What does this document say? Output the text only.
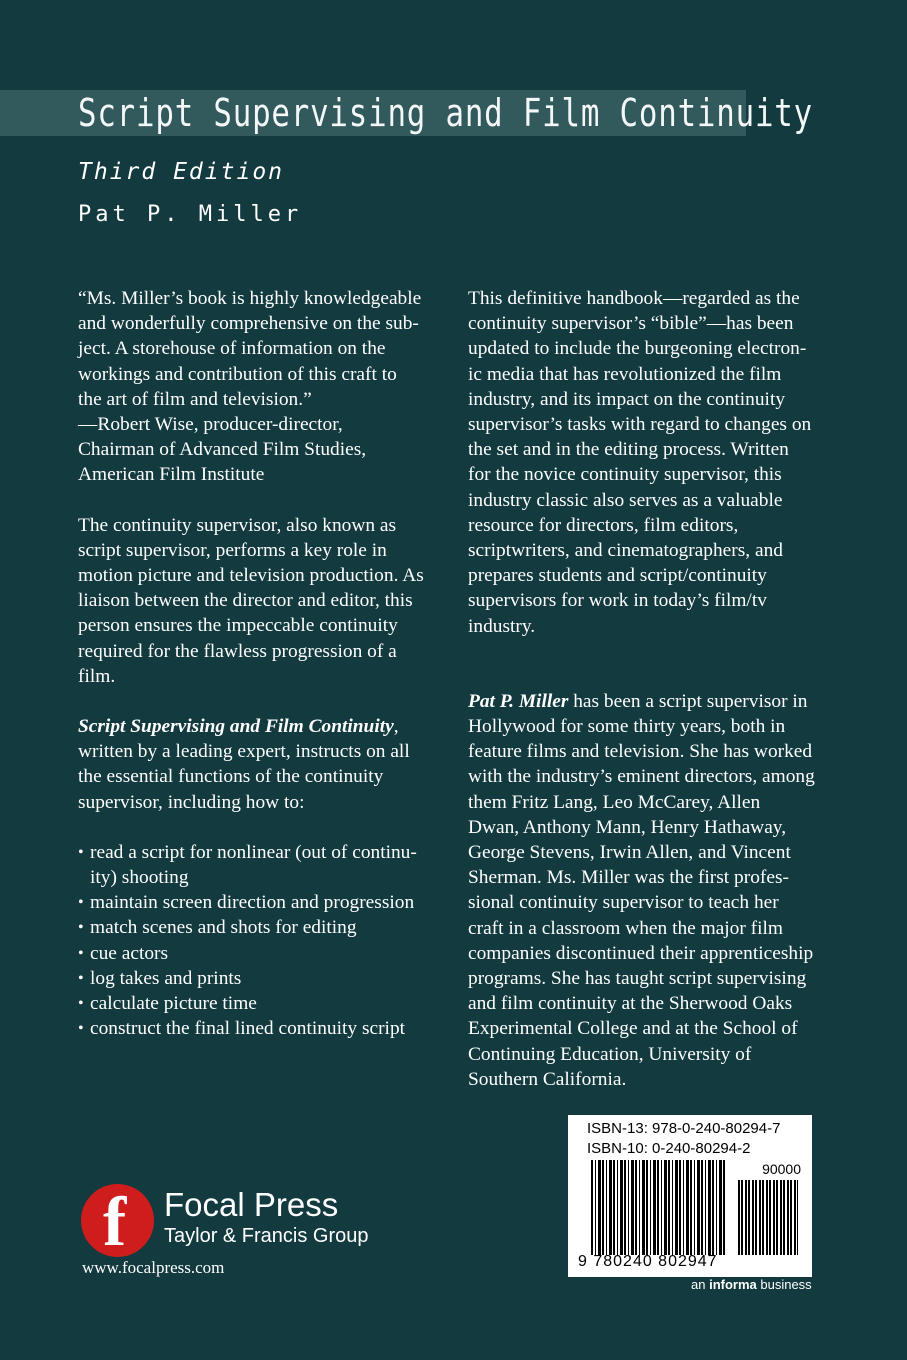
Script Supervising and Film Continuity
Third Edition
Pat P. Miller
“Ms. Miller’s book is highly knowledgeable
and wonderfully comprehensive on the sub-
ject. A storehouse of information on the
workings and contribution of this craft to
the art of film and television.”
—Robert Wise, producer-director,
Chairman of Advanced Film Studies,
American Film Institute
The continuity supervisor, also known as
script supervisor, performs a key role in
motion picture and television production. As
liaison between the director and editor, this
person ensures the impeccable continuity
required for the flawless progression of a
film.
Script Supervising and Film Continuity,
written by a leading expert, instructs on all
the essential functions of the continuity
supervisor, including how to:
• read a script for nonlinear (out of continu-
ity) shooting
• maintain screen direction and progression
• match scenes and shots for editing
• cue actors
• log takes and prints
• calculate picture time
• construct the final lined continuity script
This definitive handbook—regarded as the
continuity supervisor’s “bible”—has been
updated to include the burgeoning electron-
ic media that has revolutionized the film
industry, and its impact on the continuity
supervisor’s tasks with regard to changes on
the set and in the editing process. Written
for the novice continuity supervisor, this
industry classic also serves as a valuable
resource for directors, film editors,
scriptwriters, and cinematographers, and
prepares students and script/continuity
supervisors for work in today’s film/tv
industry.
Pat P. Miller has been a script supervisor in
Hollywood for some thirty years, both in
feature films and television. She has worked
with the industry’s eminent directors, among
them Fritz Lang, Leo McCarey, Allen
Dwan, Anthony Mann, Henry Hathaway,
George Stevens, Irwin Allen, and Vincent
Sherman. Ms. Miller was the first profes-
sional continuity supervisor to teach her
craft in a classroom when the major film
companies discontinued their apprenticeship
programs. She has taught script supervising
and film continuity at the Sherwood Oaks
Experimental College and at the School of
Continuing Education, University of
Southern California.
f Focal Press
Taylor & Francis Group
www.focalpress.com
ISBN-13: 978-0-240-80294-7
ISBN-10: 0-240-80294-2
90000
9 780240 802947
an informa business
